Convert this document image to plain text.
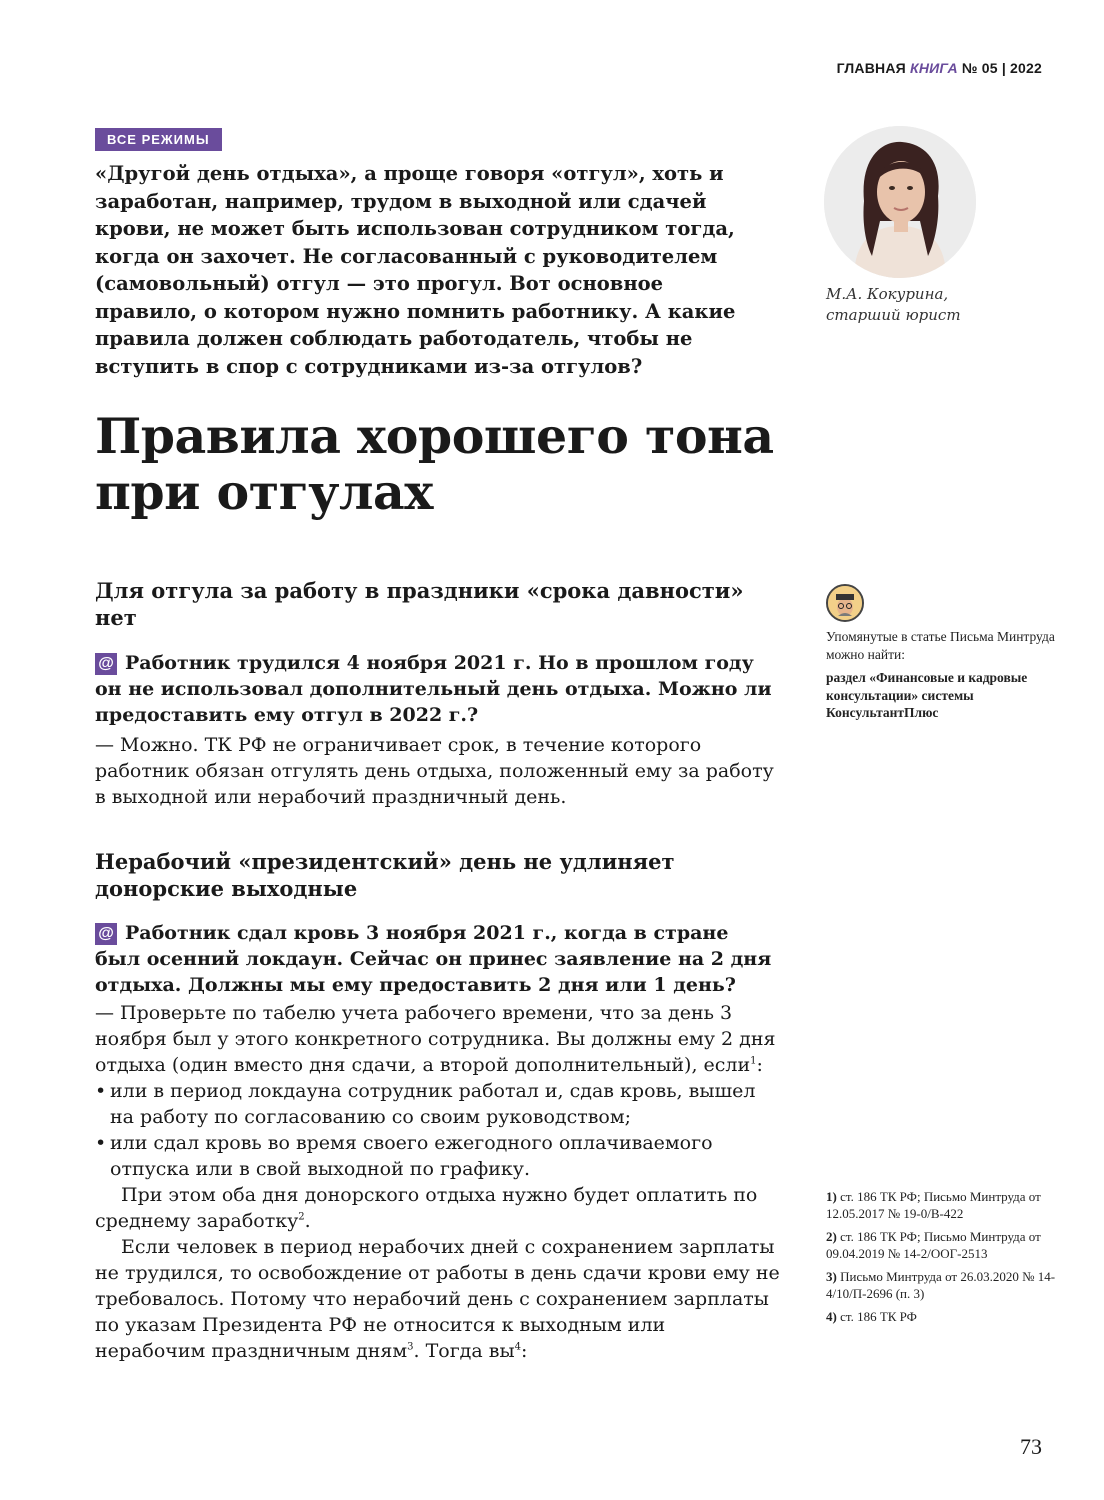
ГЛАВНАЯ КНИГА № 05 | 2022
ВСЕ РЕЖИМЫ
«Другой день отдыха», а проще говоря «отгул», хоть и заработан, например, трудом в выходной или сдачей крови, не может быть использован сотрудником тогда, когда он захочет. Не согласованный с руководителем (самовольный) отгул — это прогул. Вот основное правило, о котором нужно помнить работнику. А какие правила должен соблюдать работодатель, чтобы не вступить в спор с сотрудниками из-за отгулов?
М.А. Кокурина,
старший юрист
Правила хорошего тона при отгулах
Для отгула за работу в праздники «срока давности» нет
@ Работник трудился 4 ноября 2021 г. Но в прошлом году он не использовал дополнительный день отдыха. Можно ли предоставить ему отгул в 2022 г.?
— Можно. ТК РФ не ограничивает срок, в течение которого работник обязан отгулять день отдыха, положенный ему за работу в выходной или нерабочий праздничный день.
Упомянутые в статье Письма Минтруда можно найти:
раздел «Финансовые и кадровые консультации» системы КонсультантПлюс
Нерабочий «президентский» день не удлиняет донорские выходные
@ Работник сдал кровь 3 ноября 2021 г., когда в стране был осенний локдаун. Сейчас он принес заявление на 2 дня отдыха. Должны мы ему предоставить 2 дня или 1 день?
— Проверьте по табелю учета рабочего времени, что за день 3 ноября был у этого конкретного сотрудника. Вы должны ему 2 дня отдыха (один вместо дня сдачи, а второй дополнительный), если$^1$:
• или в период локдауна сотрудник работал и, сдав кровь, вышел на работу по согласованию со своим руководством;
• или сдал кровь во время своего ежегодного оплачиваемого отпуска или в свой выходной по графику.
При этом оба дня донорского отдыха нужно будет оплатить по среднему заработку$^2$.
Если человек в период нерабочих дней с сохранением зарплаты не трудился, то освобождение от работы в день сдачи крови ему не требовалось. Потому что нерабочий день с сохранением зарплаты по указам Президента РФ не относится к выходным или нерабочим праздничным дням$^3$. Тогда $вы^4$:
1) ст. 186 ТК РФ; Письмо Минтруда от 12.05.2017 № 19-0/В-422
2) ст. 186 ТК РФ; Письмо Минтруда от 09.04.2019 № 14-2/ООГ-2513
3) Письмо Минтруда от 26.03.2020 № 14-4/10/П-2696 (п. 3)
4) ст. 186 ТК РФ
73
